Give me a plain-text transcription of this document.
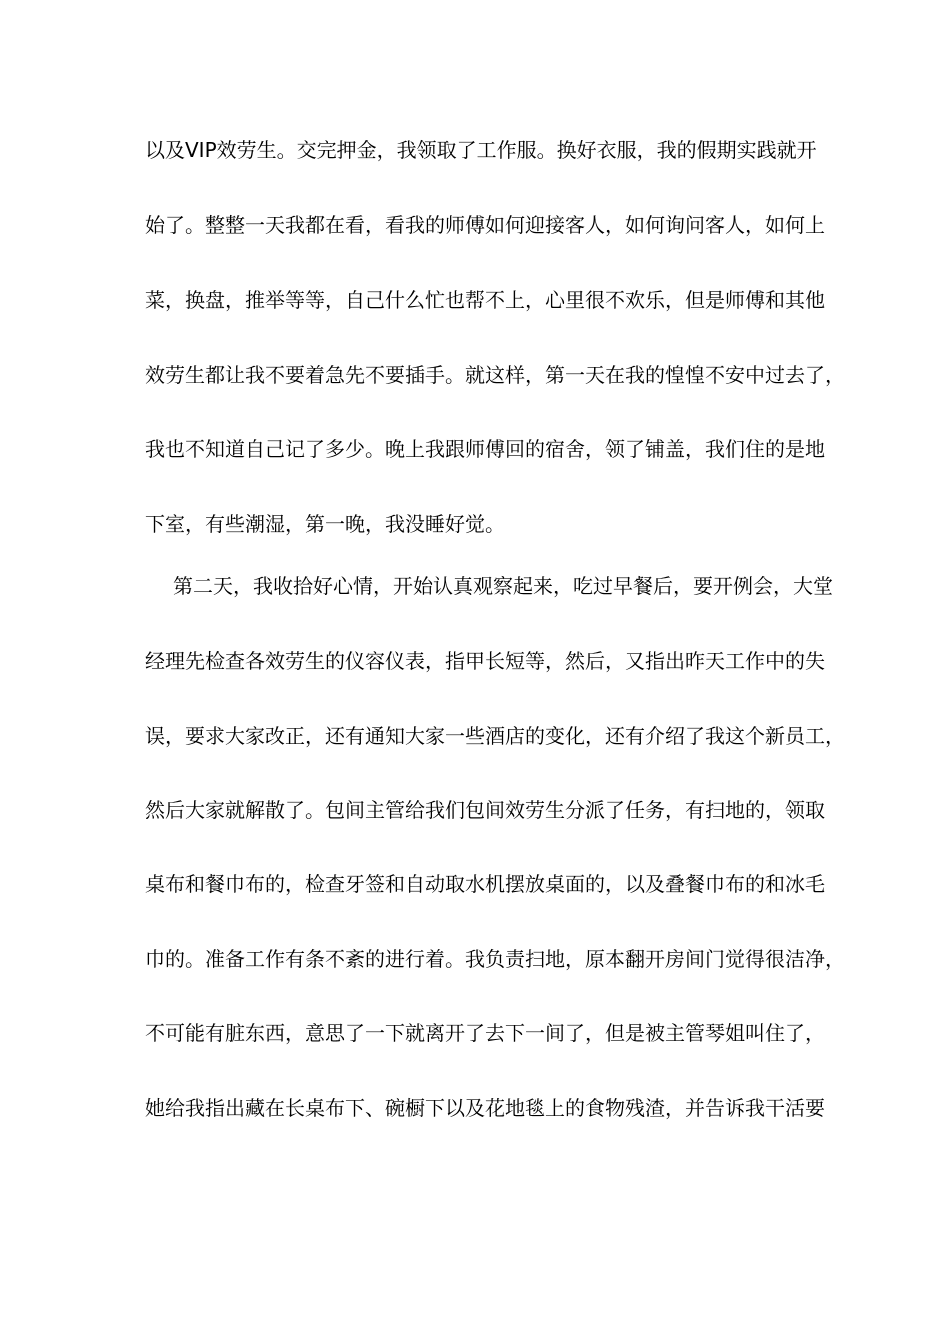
以及VIP效劳生。交完押金，我领取了工作服。换好衣服，我的假期实践就开
始了。整整一天我都在看，看我的师傅如何迎接客人，如何询问客人，如何上
菜，换盘，推举等等，自己什么忙也帮不上，心里很不欢乐，但是师傅和其他
效劳生都让我不要着急先不要插手。就这样，第一天在我的惶惶不安中过去了，
我也不知道自己记了多少。晚上我跟师傅回的宿舍，领了铺盖，我们住的是地
下室，有些潮湿，第一晚，我没睡好觉。
第二天，我收拾好心情，开始认真观察起来，吃过早餐后，要开例会，大堂
经理先检查各效劳生的仪容仪表，指甲长短等，然后，又指出昨天工作中的失
误，要求大家改正，还有通知大家一些酒店的变化，还有介绍了我这个新员工，
然后大家就解散了。包间主管给我们包间效劳生分派了任务，有扫地的，领取
桌布和餐巾布的，检查牙签和自动取水机摆放桌面的，以及叠餐巾布的和冰毛
巾的。准备工作有条不紊的进行着。我负责扫地，原本翻开房间门觉得很洁净，
不可能有脏东西，意思了一下就离开了去下一间了，但是被主管琴姐叫住了，
她给我指出藏在长桌布下、碗橱下以及花地毯上的食物残渣，并告诉我干活要
